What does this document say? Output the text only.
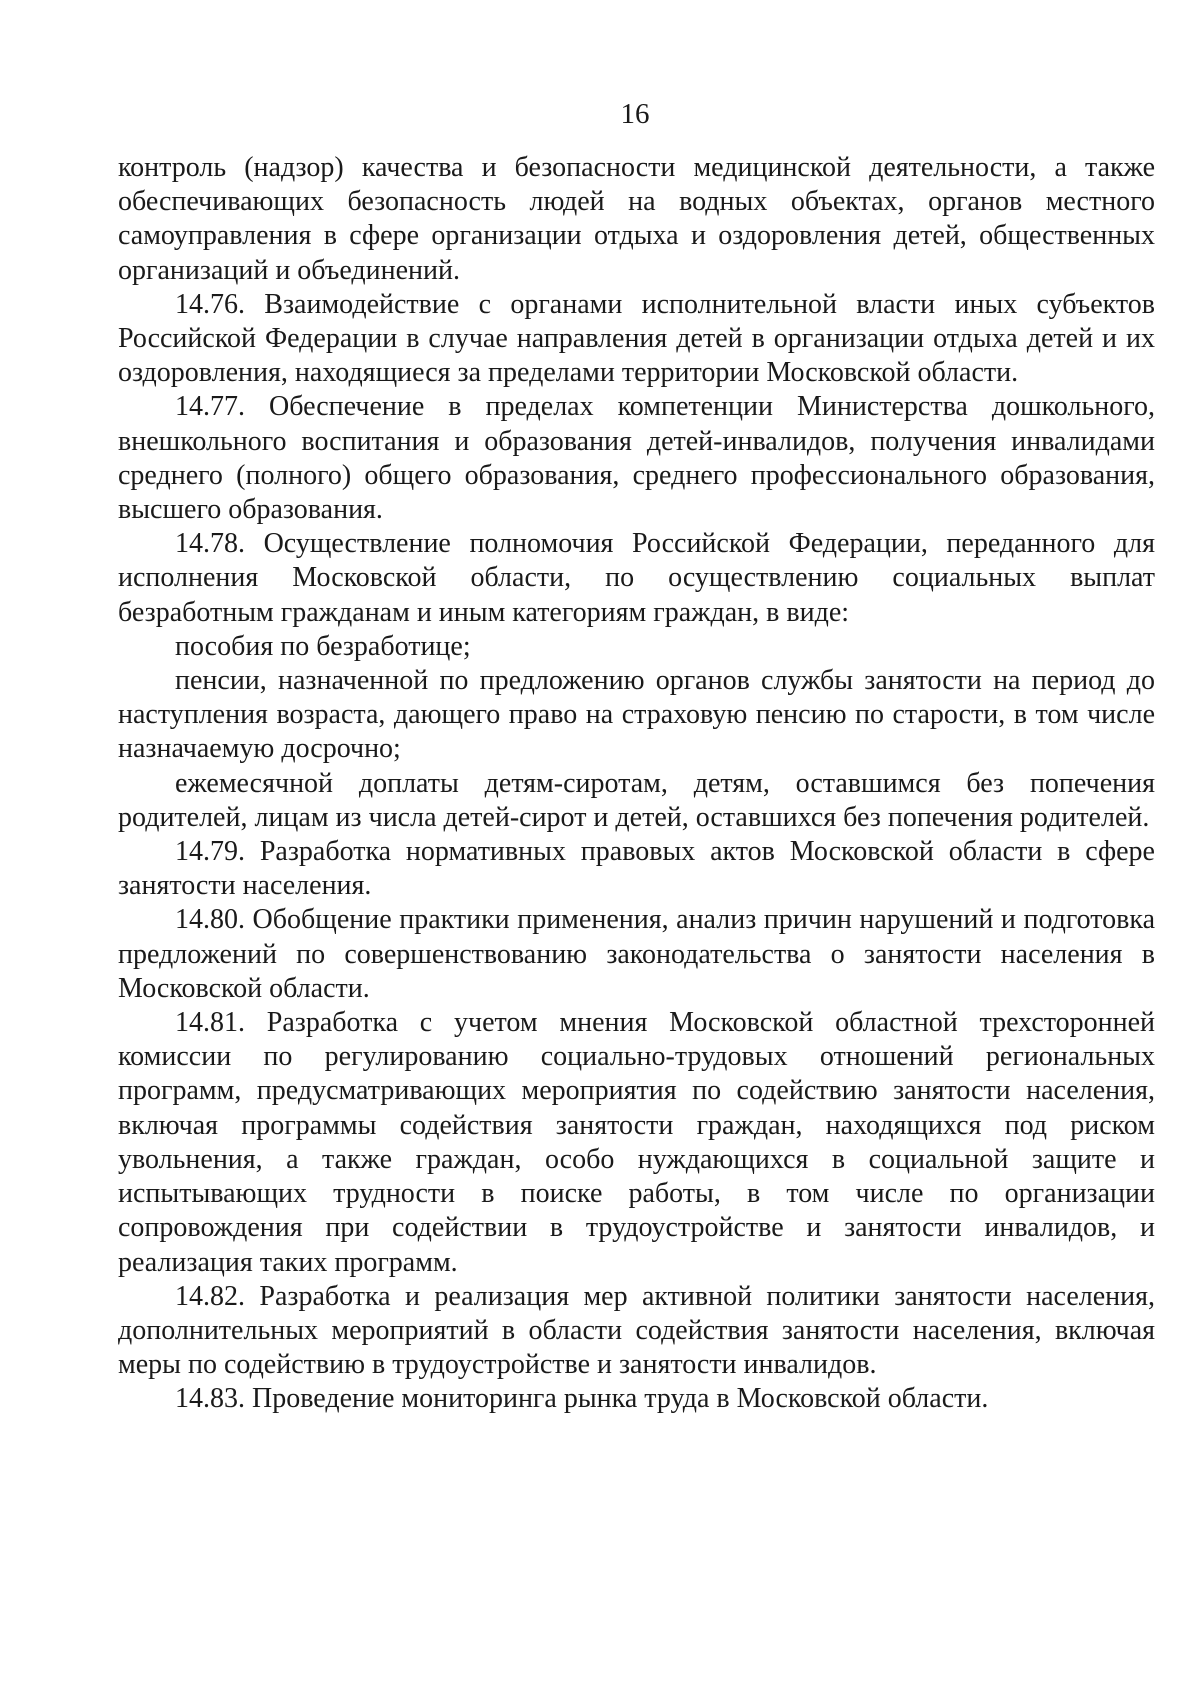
16

контроль (надзор) качества и безопасности медицинской деятельности, а также обеспечивающих безопасность людей на водных объектах, органов местного самоуправления в сфере организации отдыха и оздоровления детей, общественных организаций и объединений.

14.76. Взаимодействие с органами исполнительной власти иных субъектов Российской Федерации в случае направления детей в организации отдыха детей и их оздоровления, находящиеся за пределами территории Московской области.

14.77. Обеспечение в пределах компетенции Министерства дошкольного, внешкольного воспитания и образования детей-инвалидов, получения инвалидами среднего (полного) общего образования, среднего профессионального образования, высшего образования.

14.78. Осуществление полномочия Российской Федерации, переданного для исполнения Московской области, по осуществлению социальных выплат безработным гражданам и иным категориям граждан, в виде:

пособия по безработице;

пенсии, назначенной по предложению органов службы занятости на период до наступления возраста, дающего право на страховую пенсию по старости, в том числе назначаемую досрочно;

ежемесячной доплаты детям-сиротам, детям, оставшимся без попечения родителей, лицам из числа детей-сирот и детей, оставшихся без попечения родителей.

14.79. Разработка нормативных правовых актов Московской области в сфере занятости населения.

14.80. Обобщение практики применения, анализ причин нарушений и подготовка предложений по совершенствованию законодательства о занятости населения в Московской области.

14.81. Разработка с учетом мнения Московской областной трехсторонней комиссии по регулированию социально-трудовых отношений региональных программ, предусматривающих мероприятия по содействию занятости населения, включая программы содействия занятости граждан, находящихся под риском увольнения, а также граждан, особо нуждающихся в социальной защите и испытывающих трудности в поиске работы, в том числе по организации сопровождения при содействии в трудоустройстве и занятости инвалидов, и реализация таких программ.

14.82. Разработка и реализация мер активной политики занятости населения, дополнительных мероприятий в области содействия занятости населения, включая меры по содействию в трудоустройстве и занятости инвалидов.

14.83. Проведение мониторинга рынка труда в Московской области.
